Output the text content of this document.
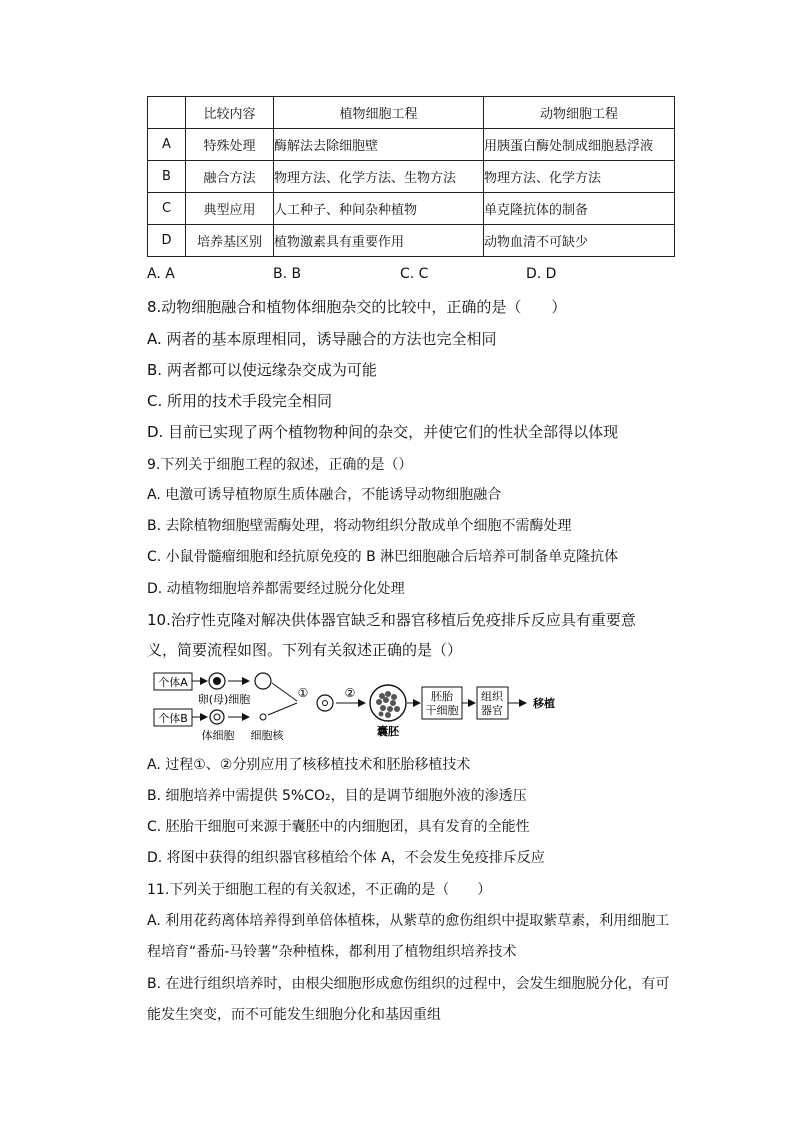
	比较内容	植物细胞工程	动物细胞工程
A	特殊处理	酶解法去除细胞壁	用胰蛋白酶处制成细胞悬浮液
B	融合方法	物理方法、化学方法、生物方法	物理方法、化学方法
C	典型应用	人工种子、种间杂种植物	单克隆抗体的制备
D	培养基区别	植物激素具有重要作用	动物血清不可缺少
A. A	B. B	C. C	D. D
8.动物细胞融合和植物体细胞杂交的比较中，正确的是（　　）
A. 两者的基本原理相同，诱导融合的方法也完全相同
B. 两者都可以使远缘杂交成为可能
C. 所用的技术手段完全相同
D. 目前已实现了两个植物物种间的杂交，并使它们的性状全部得以体现
9.下列关于细胞工程的叙述，正确的是（）
A. 电激可诱导植物原生质体融合，不能诱导动物细胞融合
B. 去除植物细胞壁需酶处理，将动物组织分散成单个细胞不需酶处理
C. 小鼠骨髓瘤细胞和经抗原免疫的 B 淋巴细胞融合后培养可制备单克隆抗体
D. 动植物细胞培养都需要经过脱分化处理
10.治疗性克隆对解决供体器官缺乏和器官移植后免疫排斥反应具有重要意
义，简要流程如图。下列有关叙述正确的是（）
个体A
卵(母)细胞
个体B
体细胞 细胞核
①	②
囊胚
胚胎
干细胞
组织
器官
移植
A. 过程①、②分别应用了核移植技术和胚胎移植技术
B. 细胞培养中需提供 5%CO₂，目的是调节细胞外液的渗透压
C. 胚胎干细胞可来源于囊胚中的内细胞团，具有发育的全能性
D. 将图中获得的组织器官移植给个体 A，不会发生免疫排斥反应
11.下列关于细胞工程的有关叙述，不正确的是（　　）
A. 利用花药离体培养得到单倍体植株，从紫草的愈伤组织中提取紫草素，利用细胞工
程培育“番茄-马铃薯”杂种植株，都利用了植物组织培养技术
B. 在进行组织培养时，由根尖细胞形成愈伤组织的过程中，会发生细胞脱分化，有可
能发生突变，而不可能发生细胞分化和基因重组
